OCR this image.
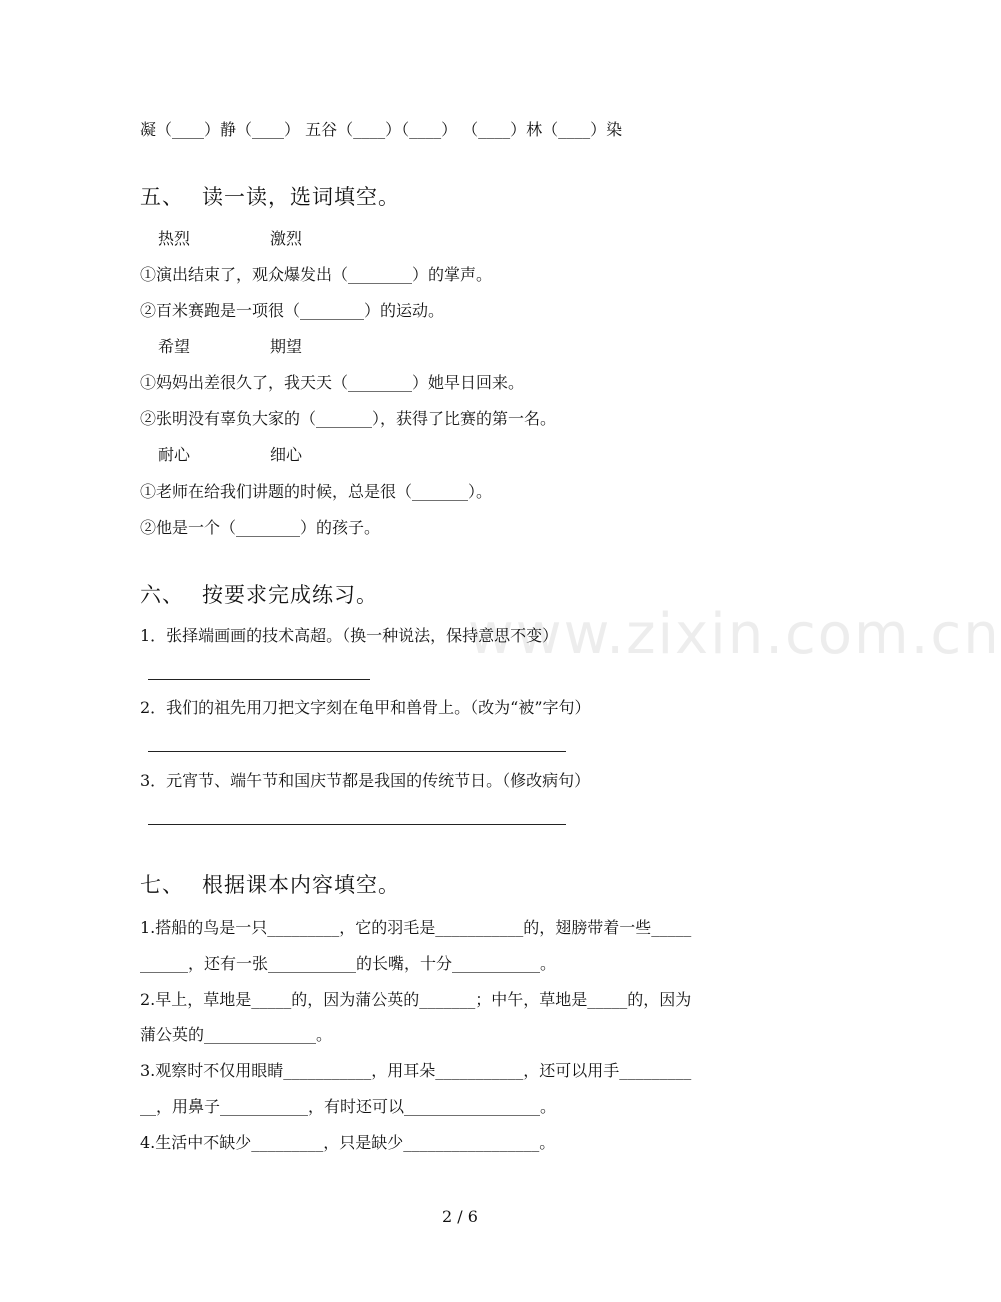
www.zixin.com.cn
凝（____）静（____） 五谷（____）（____） （____）林（____）染
五、 读一读，选词填空。
热烈	激烈
①演出结束了，观众爆发出（________）的掌声。
②百米赛跑是一项很（________）的运动。
希望	期望
①妈妈出差很久了，我天天（________）她早日回来。
②张明没有辜负大家的（_______），获得了比赛的第一名。
耐心	细心
①老师在给我们讲题的时候，总是很（_______）。
②他是一个（________）的孩子。
六、 按要求完成练习。
1．张择端画画的技术高超。（换一种说法，保持意思不变）
2．我们的祖先用刀把文字刻在龟甲和兽骨上。（改为“被”字句）
3．元宵节、端午节和国庆节都是我国的传统节日。（修改病句）
七、 根据课本内容填空。
1.搭船的鸟是一只_________，它的羽毛是___________的，翅膀带着一些_____
______，还有一张___________的长嘴，十分___________。
2.早上，草地是_____的，因为蒲公英的_______；中午，草地是_____的，因为
蒲公英的______________。
3.观察时不仅用眼睛___________，用耳朵___________，还可以用手_________
__，用鼻子___________，有时还可以_________________。
4.生活中不缺少_________，只是缺少_________________。
2 / 6
